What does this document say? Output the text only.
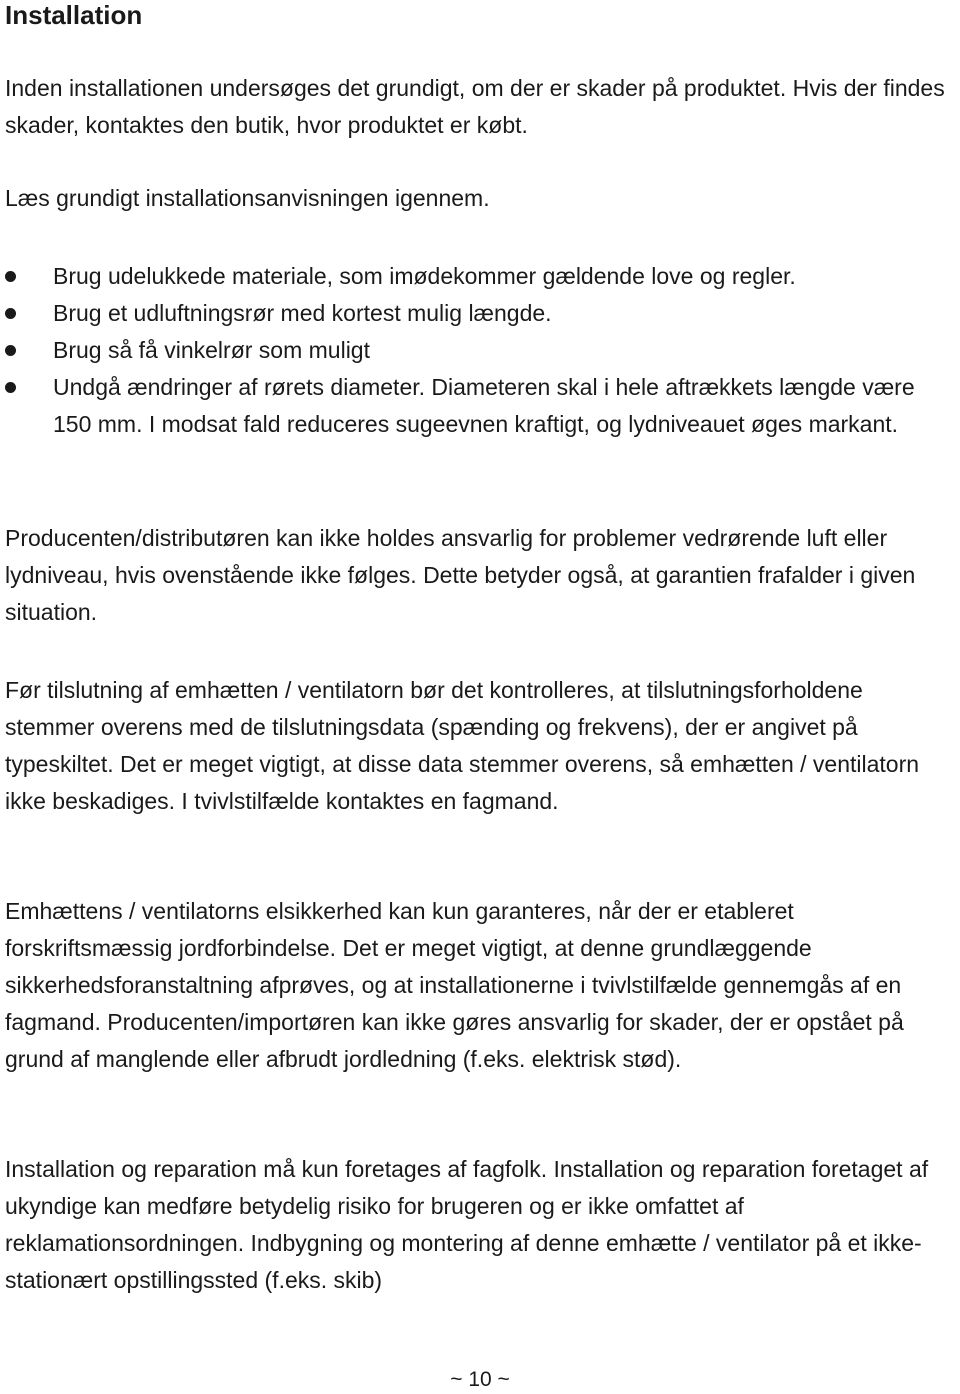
Installation

Inden installationen undersøges det grundigt, om der er skader på produktet. Hvis der findes skader, kontaktes den butik, hvor produktet er købt.

Læs grundigt installationsanvisningen igennem.

Brug udelukkede materiale, som imødekommer gældende love og regler.
Brug et udluftningsrør med kortest mulig længde.
Brug så få vinkelrør som muligt
Undgå ændringer af rørets diameter. Diameteren skal i hele aftrækkets længde være 150 mm. I modsat fald reduceres sugeevnen kraftigt, og lydniveauet øges markant.

Producenten/distributøren kan ikke holdes ansvarlig for problemer vedrørende luft eller lydniveau, hvis ovenstående ikke følges. Dette betyder også, at garantien frafalder i given situation.

Før tilslutning af emhætten / ventilatorn bør det kontrolleres, at tilslutningsforholdene stemmer overens med de tilslutningsdata (spænding og frekvens), der er angivet på typeskiltet. Det er meget vigtigt, at disse data stemmer overens, så emhætten / ventilatorn ikke beskadiges. I tvivlstilfælde kontaktes en fagmand.

Emhættens / ventilatorns elsikkerhed kan kun garanteres, når der er etableret forskriftsmæssig jordforbindelse. Det er meget vigtigt, at denne grundlæggende sikkerhedsforanstaltning afprøves, og at installationerne i tvivlstilfælde gennemgås af en fagmand. Producenten/importøren kan ikke gøres ansvarlig for skader, der er opstået på grund af manglende eller afbrudt jordledning (f.eks. elektrisk stød).

Installation og reparation må kun foretages af fagfolk. Installation og reparation foretaget af ukyndige kan medføre betydelig risiko for brugeren og er ikke omfattet af reklamationsordningen. Indbygning og montering af denne emhætte / ventilator på et ikke-stationært opstillingssted (f.eks. skib)

~ 10 ~
